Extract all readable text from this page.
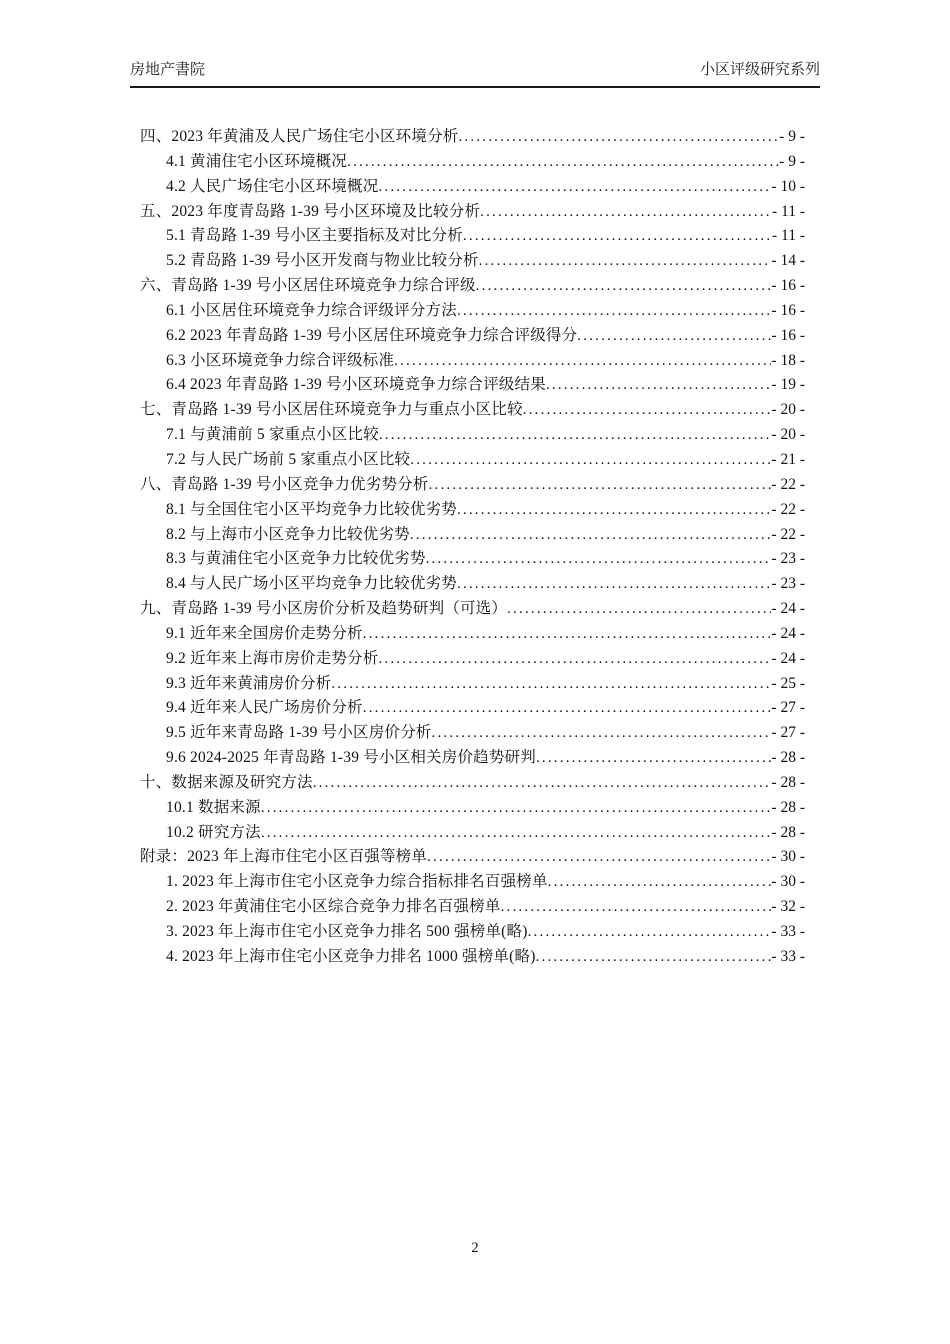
房地产書院	小区评级研究系列
四、2023 年黄浦及人民广场住宅小区环境分析 .....	- 9 -
4.1 黄浦住宅小区环境概况 .....	- 9 -
4.2 人民广场住宅小区环境概况 .....	- 10 -
五、2023 年度青岛路 1-39 号小区环境及比较分析 .....	- 11 -
5.1 青岛路 1-39 号小区主要指标及对比分析 .....	- 11 -
5.2 青岛路 1-39 号小区开发商与物业比较分析 .....	- 14 -
六、青岛路 1-39 号小区居住环境竞争力综合评级 .....	- 16 -
6.1 小区居住环境竞争力综合评级评分方法 .....	- 16 -
6.2 2023 年青岛路 1-39 号小区居住环境竞争力综合评级得分 .....	- 16 -
6.3 小区环境竞争力综合评级标准 .....	- 18 -
6.4 2023 年青岛路 1-39 号小区环境竞争力综合评级结果 .....	- 19 -
七、青岛路 1-39 号小区居住环境竞争力与重点小区比较 .....	- 20 -
7.1 与黄浦前 5 家重点小区比较 .....	- 20 -
7.2 与人民广场前 5 家重点小区比较 .....	- 21 -
八、青岛路 1-39 号小区竞争力优劣势分析 .....	- 22 -
8.1 与全国住宅小区平均竞争力比较优劣势 .....	- 22 -
8.2 与上海市小区竞争力比较优劣势 .....	- 22 -
8.3 与黄浦住宅小区竞争力比较优劣势 .....	- 23 -
8.4 与人民广场小区平均竞争力比较优劣势 .....	- 23 -
九、青岛路 1-39 号小区房价分析及趋势研判（可选） .....	- 24 -
9.1 近年来全国房价走势分析 .....	- 24 -
9.2 近年来上海市房价走势分析 .....	- 24 -
9.3 近年来黄浦房价分析 .....	- 25 -
9.4 近年来人民广场房价分析 .....	- 27 -
9.5 近年来青岛路 1-39 号小区房价分析 .....	- 27 -
9.6 2024-2025 年青岛路 1-39 号小区相关房价趋势研判 .....	- 28 -
十、数据来源及研究方法 .....	- 28 -
10.1 数据来源 .....	- 28 -
10.2 研究方法 .....	- 28 -
附录：2023 年上海市住宅小区百强等榜单 .....	- 30 -
1. 2023 年上海市住宅小区竞争力综合指标排名百强榜单 .....	- 30 -
2. 2023 年黄浦住宅小区综合竞争力排名百强榜单 .....	- 32 -
3. 2023 年上海市住宅小区竞争力排名 500 强榜单(略) .....	- 33 -
4. 2023 年上海市住宅小区竞争力排名 1000 强榜单(略) .....	- 33 -
2
